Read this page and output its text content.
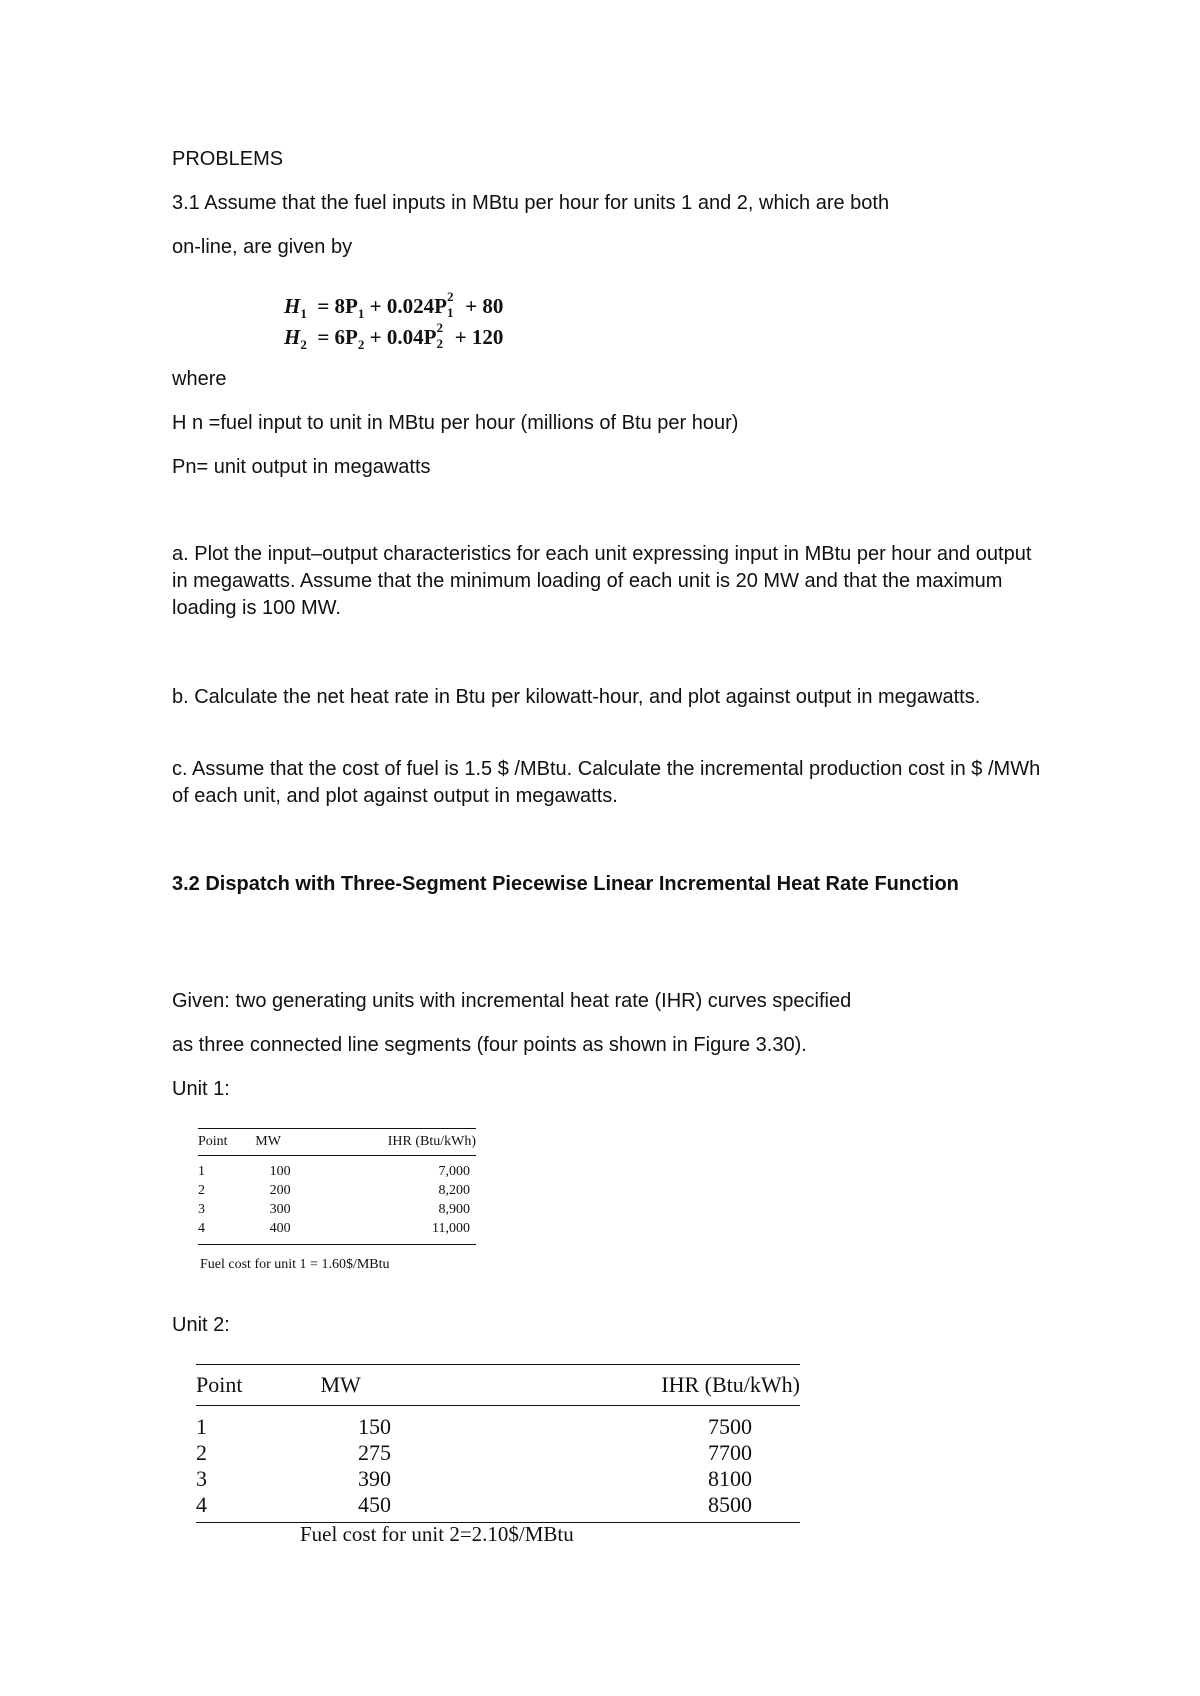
PROBLEMS
3.1 Assume that the fuel inputs in MBtu per hour for units 1 and 2, which are both
on-line, are given by
$H_1 = 8P_1 + 0.024P$ 2
1 + 80
$H_2 = 6P_2 + 0.04P$ 2
2 + 120
where
H n =fuel input to unit in MBtu per hour (millions of Btu per hour)
Pn= unit output in megawatts
a. Plot the input–output characteristics for each unit expressing input in MBtu per hour and output in megawatts. Assume that the minimum loading of each unit is 20 MW and that the maximum loading is 100 MW.
b. Calculate the net heat rate in Btu per kilowatt-hour, and plot against output in megawatts.
c. Assume that the cost of fuel is 1.5 $ /MBtu. Calculate the incremental production cost in $ /MWh of each unit, and plot against output in megawatts.
3.2 Dispatch with Three-Segment Piecewise Linear Incremental Heat Rate Function
Given: two generating units with incremental heat rate (IHR) curves specified
as three connected line segments (four points as shown in Figure 3.30).
Unit 1:
Point	MW	IHR (Btu/kWh)
1	100	7,000
2	200	8,200
3	300	8,900
4	400	11,000
Fuel cost for unit 1 = 1.60$/MBtu
Unit 2:
Point	MW	IHR (Btu/kWh)
1	150	7500
2	275	7700
3	390	8100
4	450	8500
Fuel cost for unit 2=2.10$/MBtu
